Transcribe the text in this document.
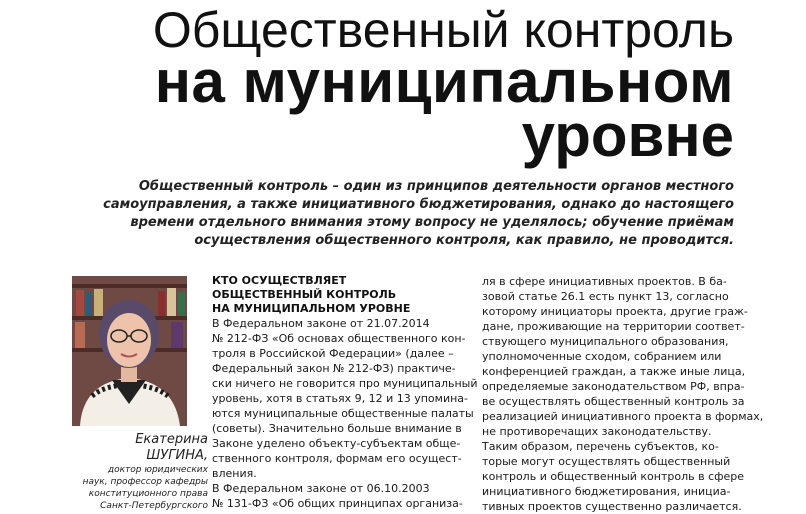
Общественный контроль
на муниципальном
уровне
Общественный контроль – один из принципов деятельности органов местного
самоуправления, а также инициативного бюджетирования, однако до настоящего
времени отдельного внимания этому вопросу не уделялось; обучение приёмам
осуществления общественного контроля, как правило, не проводится.
Екатерина
ШУГИНА,
доктор юридических
наук, профессор кафедры
конституционного права
Санкт-Петербургского
КТО ОСУЩЕСТВЛЯЕТ
ОБЩЕСТВЕННЫЙ КОНТРОЛЬ
НА МУНИЦИПАЛЬНОМ УРОВНЕ
В Федеральном законе от 21.07.2014
№ 212-ФЗ «Об основах общественного кон-
троля в Российской Федерации» (далее –
Федеральный закон № 212-ФЗ) практиче-
ски ничего не говорится про муниципальный
уровень, хотя в статьях 9, 12 и 13 упомина-
ются муниципальные общественные палаты
(советы). Значительно больше внимание в
Законе уделено объекту-субъектам обще-
ственного контроля, формам его осущест-
вления.
В Федеральном законе от 06.10.2003
№ 131-ФЗ «Об общих принципах организа-
ля в сфере инициативных проектов. В ба-
зовой статье 26.1 есть пункт 13, согласно
которому инициаторы проекта, другие граж-
дане, проживающие на территории соответ-
ствующего муниципального образования,
уполномоченные сходом, собранием или
конференцией граждан, а также иные лица,
определяемые законодательством РФ, впра-
ве осуществлять общественный контроль за
реализацией инициативного проекта в формах,
не противоречащих законодательству.
Таким образом, перечень субъектов, ко-
торые могут осуществлять общественный
контроль и общественный контроль в сфере
инициативного бюджетирования, инициа-
тивных проектов существенно различается.
